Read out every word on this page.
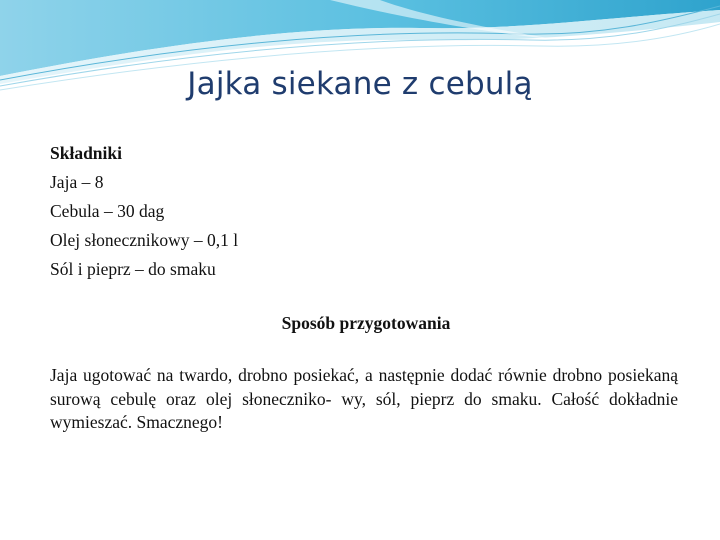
Jajka siekane z cebulą
Składniki
Jaja – 8
Cebula – 30 dag
Olej słonecznikowy – 0,1 l
Sól i pieprz – do smaku
Sposób przygotowania

Jaja ugotować na twardo, drobno posiekać, a następnie dodać równie drobno posiekaną surową cebulę oraz olej słoneczniko- wy, sól, pieprz do smaku. Całość dokładnie wymieszać. Smacznego!
